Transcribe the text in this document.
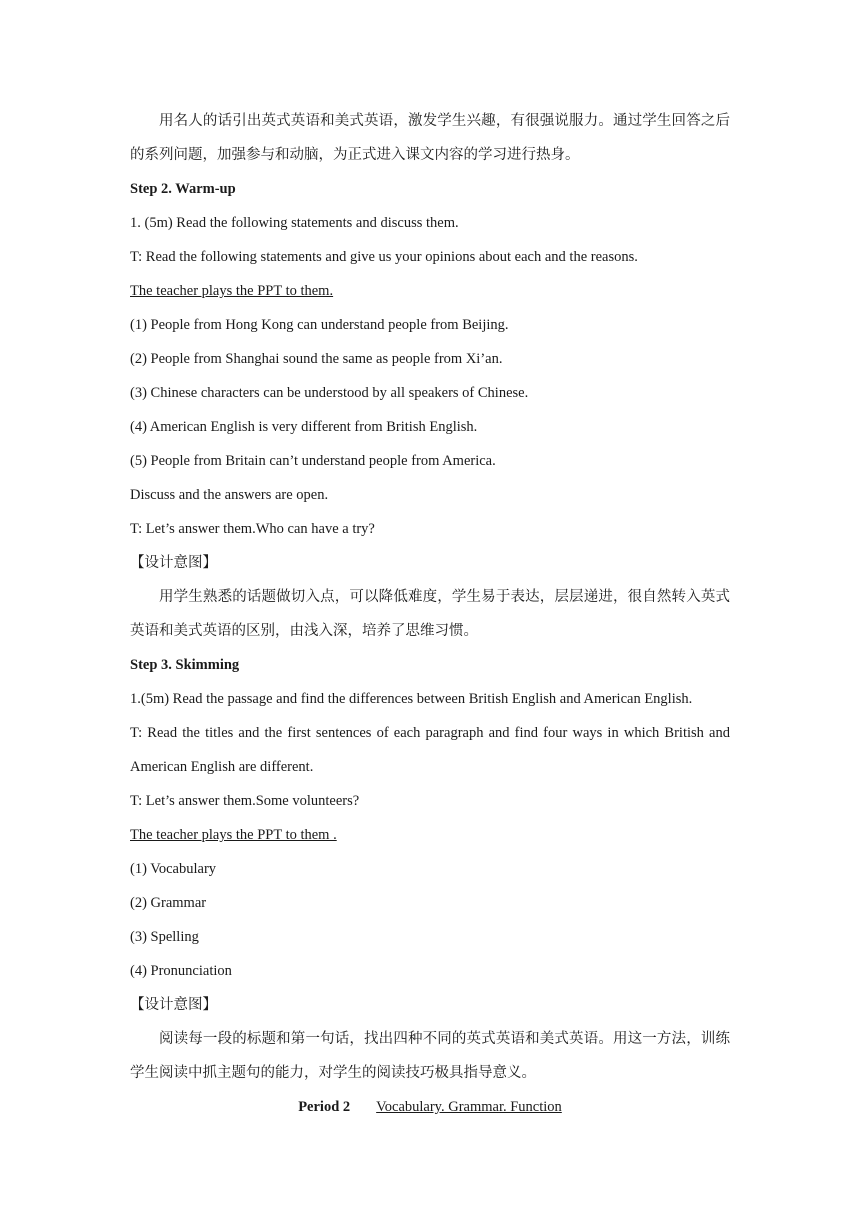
用名人的话引出英式英语和美式英语，激发学生兴趣，有很强说服力。通过学生回答之后的系列问题，加强参与和动脑，为正式进入课文内容的学习进行热身。

Step 2. Warm-up

1. (5m) Read the following statements and discuss them.

T: Read the following statements and give us your opinions about each and the reasons.

The teacher plays the PPT to them.

(1) People from Hong Kong can understand people from Beijing.

(2) People from Shanghai sound the same as people from Xi’an.

(3) Chinese characters can be understood by all speakers of Chinese.

(4) American English is very different from British English.

(5) People from Britain can’t understand people from America.

Discuss and the answers are open.

T: Let’s answer them.Who can have a try?

【设计意图】

用学生熟悉的话题做切入点，可以降低难度，学生易于表达，层层递进，很自然转入英式英语和美式英语的区别，由浅入深，培养了思维习惯。

Step 3. Skimming

1.(5m) Read the passage and find the differences between British English and American English.

T: Read the titles and the first sentences of each paragraph and find four ways in which British and American English are different.

T: Let’s answer them.Some volunteers?

The teacher plays the PPT to them .

(1) Vocabulary

(2) Grammar

(3) Spelling

(4) Pronunciation

【设计意图】

阅读每一段的标题和第一句话，找出四种不同的英式英语和美式英语。用这一方法，训练学生阅读中抓主题句的能力，对学生的阅读技巧极具指导意义。

Period 2 Vocabulary. Grammar. Function
